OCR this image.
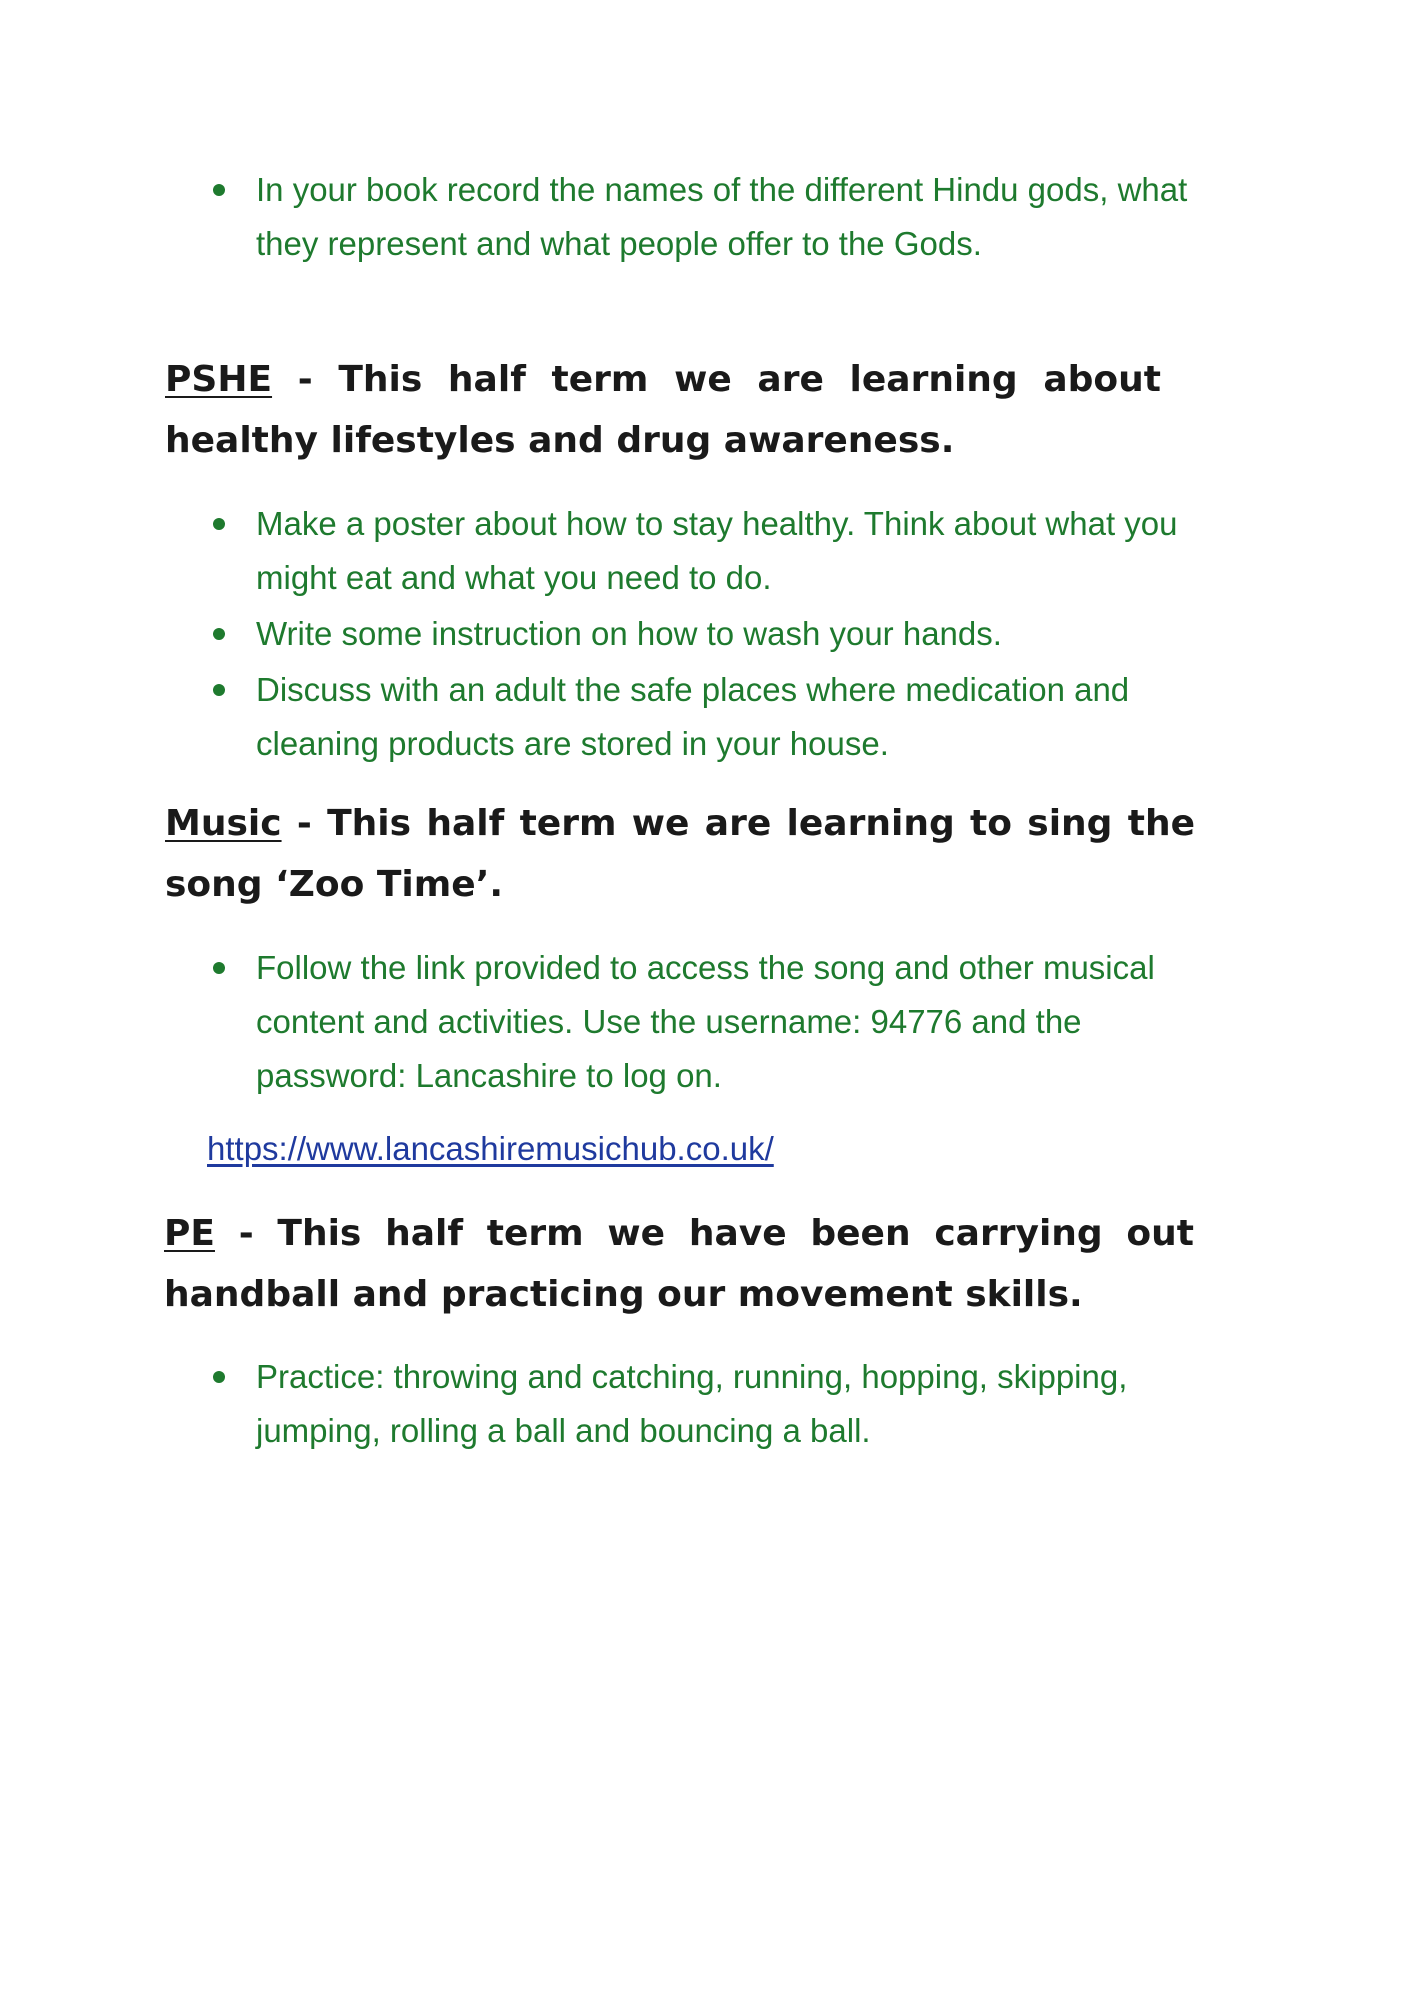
In your book record the names of the different Hindu gods, what they represent and what people offer to the Gods.
PSHE - This half term we are learning about healthy lifestyles and drug awareness.
Make a poster about how to stay healthy. Think about what you might eat and what you need to do.
Write some instruction on how to wash your hands.
Discuss with an adult the safe places where medication and cleaning products are stored in your house.
Music - This half term we are learning to sing the song ‘Zoo Time’.
Follow the link provided to access the song and other musical content and activities. Use the username: 94776 and the password: Lancashire to log on.
https://www.lancashiremusichub.co.uk/
PE - This half term we have been carrying out handball and practicing our movement skills.
Practice: throwing and catching, running, hopping, skipping, jumping, rolling a ball and bouncing a ball.
